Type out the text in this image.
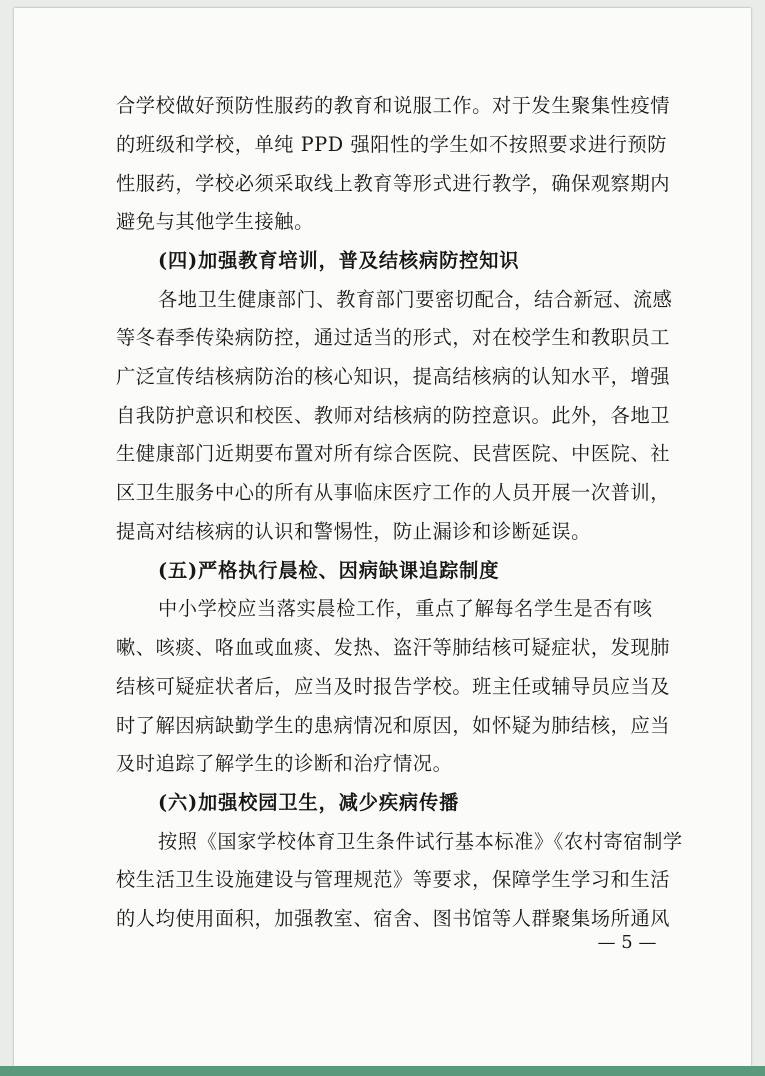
合学校做好预防性服药的教育和说服工作。对于发生聚集性疫情
的班级和学校，单纯 PPD 强阳性的学生如不按照要求进行预防
性服药，学校必须采取线上教育等形式进行教学，确保观察期内
避免与其他学生接触。
(四)加强教育培训，普及结核病防控知识
各地卫生健康部门、教育部门要密切配合，结合新冠、流感
等冬春季传染病防控，通过适当的形式，对在校学生和教职员工
广泛宣传结核病防治的核心知识，提高结核病的认知水平，增强
自我防护意识和校医、教师对结核病的防控意识。此外，各地卫
生健康部门近期要布置对所有综合医院、民营医院、中医院、社
区卫生服务中心的所有从事临床医疗工作的人员开展一次普训，
提高对结核病的认识和警惕性，防止漏诊和诊断延误。
(五)严格执行晨检、因病缺课追踪制度
中小学校应当落实晨检工作，重点了解每名学生是否有咳
嗽、咳痰、咯血或血痰、发热、盗汗等肺结核可疑症状，发现肺
结核可疑症状者后，应当及时报告学校。班主任或辅导员应当及
时了解因病缺勤学生的患病情况和原因，如怀疑为肺结核，应当
及时追踪了解学生的诊断和治疗情况。
(六)加强校园卫生，减少疾病传播
按照《国家学校体育卫生条件试行基本标准》《农村寄宿制学
校生活卫生设施建设与管理规范》等要求，保障学生学习和生活
的人均使用面积，加强教室、宿舍、图书馆等人群聚集场所通风
— 5 —
